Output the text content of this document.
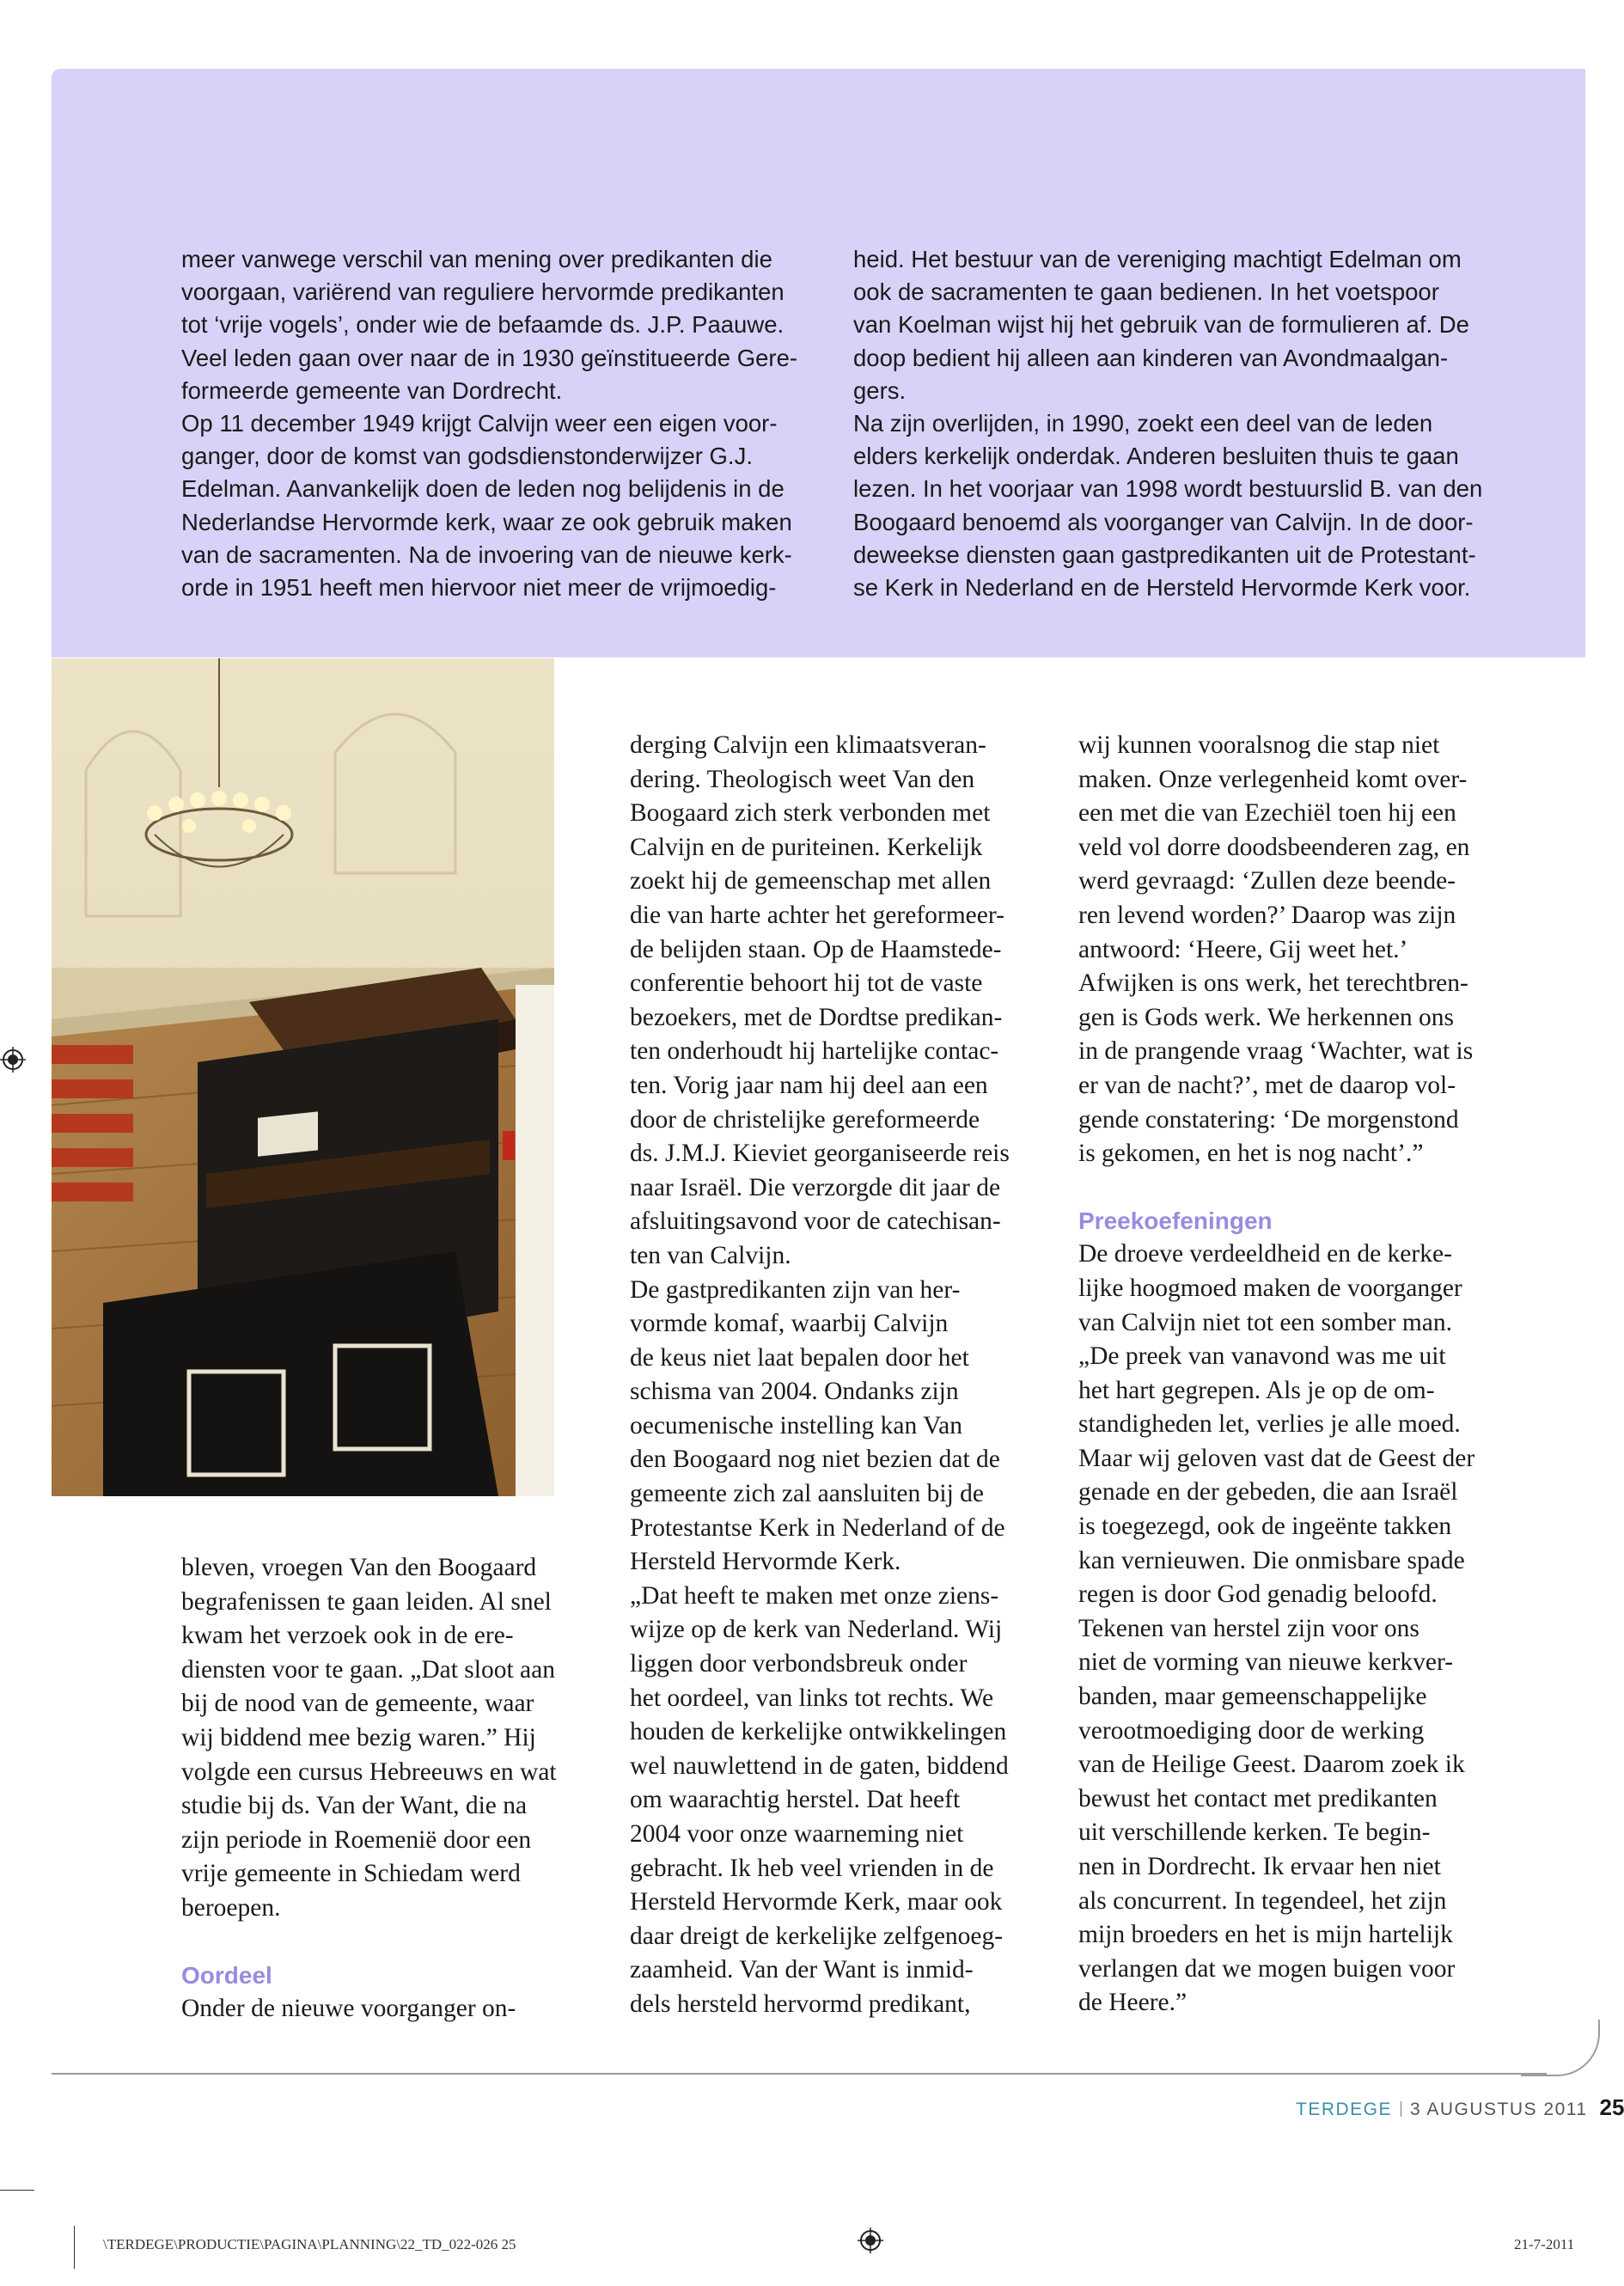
meer vanwege verschil van mening over predikanten die
voorgaan, variërend van reguliere hervormde predikanten
tot ‘vrije vogels’, onder wie de befaamde ds. J.P. Paauwe.
Veel leden gaan over naar de in 1930 geïnstitueerde Gere-
formeerde gemeente van Dordrecht.
Op 11 december 1949 krijgt Calvijn weer een eigen voor-
ganger, door de komst van godsdienstonderwijzer G.J.
Edelman. Aanvankelijk doen de leden nog belijdenis in de
Nederlandse Hervormde kerk, waar ze ook gebruik maken
van de sacramenten. Na de invoering van de nieuwe kerk-
orde in 1951 heeft men hiervoor niet meer de vrijmoedig-

heid. Het bestuur van de vereniging machtigt Edelman om
ook de sacramenten te gaan bedienen. In het voetspoor
van Koelman wijst hij het gebruik van de formulieren af. De
doop bedient hij alleen aan kinderen van Avondmaalgan-
gers.
Na zijn overlijden, in 1990, zoekt een deel van de leden
elders kerkelijk onderdak. Anderen besluiten thuis te gaan
lezen. In het voorjaar van 1998 wordt bestuurslid B. van den
Boogaard benoemd als voorganger van Calvijn. In de door-
deweekse diensten gaan gastpredikanten uit de Protestant-
se Kerk in Nederland en de Hersteld Hervormde Kerk voor.

bleven, vroegen Van den Boogaard
begrafenissen te gaan leiden. Al snel
kwam het verzoek ook in de ere-
diensten voor te gaan. „Dat sloot aan
bij de nood van de gemeente, waar
wij biddend mee bezig waren.” Hij
volgde een cursus Hebreeuws en wat
studie bij ds. Van der Want, die na
zijn periode in Roemenië door een
vrije gemeente in Schiedam werd
beroepen.

Oordeel

Onder de nieuwe voorganger on-

derging Calvijn een klimaatsveran-
dering. Theologisch weet Van den
Boogaard zich sterk verbonden met
Calvijn en de puriteinen. Kerkelijk
zoekt hij de gemeenschap met allen
die van harte achter het gereformeer-
de belijden staan. Op de Haamstede-
conferentie behoort hij tot de vaste
bezoekers, met de Dordtse predikan-
ten onderhoudt hij hartelijke contac-
ten. Vorig jaar nam hij deel aan een
door de christelijke gereformeerde
ds. J.M.J. Kieviet georganiseerde reis
naar Israël. Die verzorgde dit jaar de
afsluitingsavond voor de catechisan-
ten van Calvijn.
De gastpredikanten zijn van her-
vormde komaf, waarbij Calvijn
de keus niet laat bepalen door het
schisma van 2004. Ondanks zijn
oecumenische instelling kan Van
den Boogaard nog niet bezien dat de
gemeente zich zal aansluiten bij de
Protestantse Kerk in Nederland of de
Hersteld Hervormde Kerk.
„Dat heeft te maken met onze ziens-
wijze op de kerk van Nederland. Wij
liggen door verbondsbreuk onder
het oordeel, van links tot rechts. We
houden de kerkelijke ontwikkelingen
wel nauwlettend in de gaten, biddend
om waarachtig herstel. Dat heeft
2004 voor onze waarneming niet
gebracht. Ik heb veel vrienden in de
Hersteld Hervormde Kerk, maar ook
daar dreigt de kerkelijke zelfgenoeg-
zaamheid. Van der Want is inmid-
dels hersteld hervormd predikant,

wij kunnen vooralsnog die stap niet
maken. Onze verlegenheid komt over-
een met die van Ezechiël toen hij een
veld vol dorre doodsbeenderen zag, en
werd gevraagd: ‘Zullen deze beende-
ren levend worden?’ Daarop was zijn
antwoord: ‘Heere, Gij weet het.’
Afwijken is ons werk, het terechtbren-
gen is Gods werk. We herkennen ons
in de prangende vraag ‘Wachter, wat is
er van de nacht?’, met de daarop vol-
gende constatering: ‘De morgenstond
is gekomen, en het is nog nacht’.”

Preekoefeningen

De droeve verdeeldheid en de kerke-
lijke hoogmoed maken de voorganger
van Calvijn niet tot een somber man.
„De preek van vanavond was me uit
het hart gegrepen. Als je op de om-
standigheden let, verlies je alle moed.
Maar wij geloven vast dat de Geest der
genade en der gebeden, die aan Israël
is toegezegd, ook de ingeënte takken
kan vernieuwen. Die onmisbare spade
regen is door God genadig beloofd.
Tekenen van herstel zijn voor ons
niet de vorming van nieuwe kerkver-
banden, maar gemeenschappelijke
verootmoediging door de werking
van de Heilige Geest. Daarom zoek ik
bewust het contact met predikanten
uit verschillende kerken. Te begin-
nen in Dordrecht. Ik ervaar hen niet
als concurrent. In tegendeel, het zijn
mijn broeders en het is mijn hartelijk
verlangen dat we mogen buigen voor
de Heere.”

TERDEGE 3 AUGUSTUS 2011 25
\TERDEGE\PRODUCTIE\PAGINA\PLANNING\22_TD_022-026 25	21-7-2011
